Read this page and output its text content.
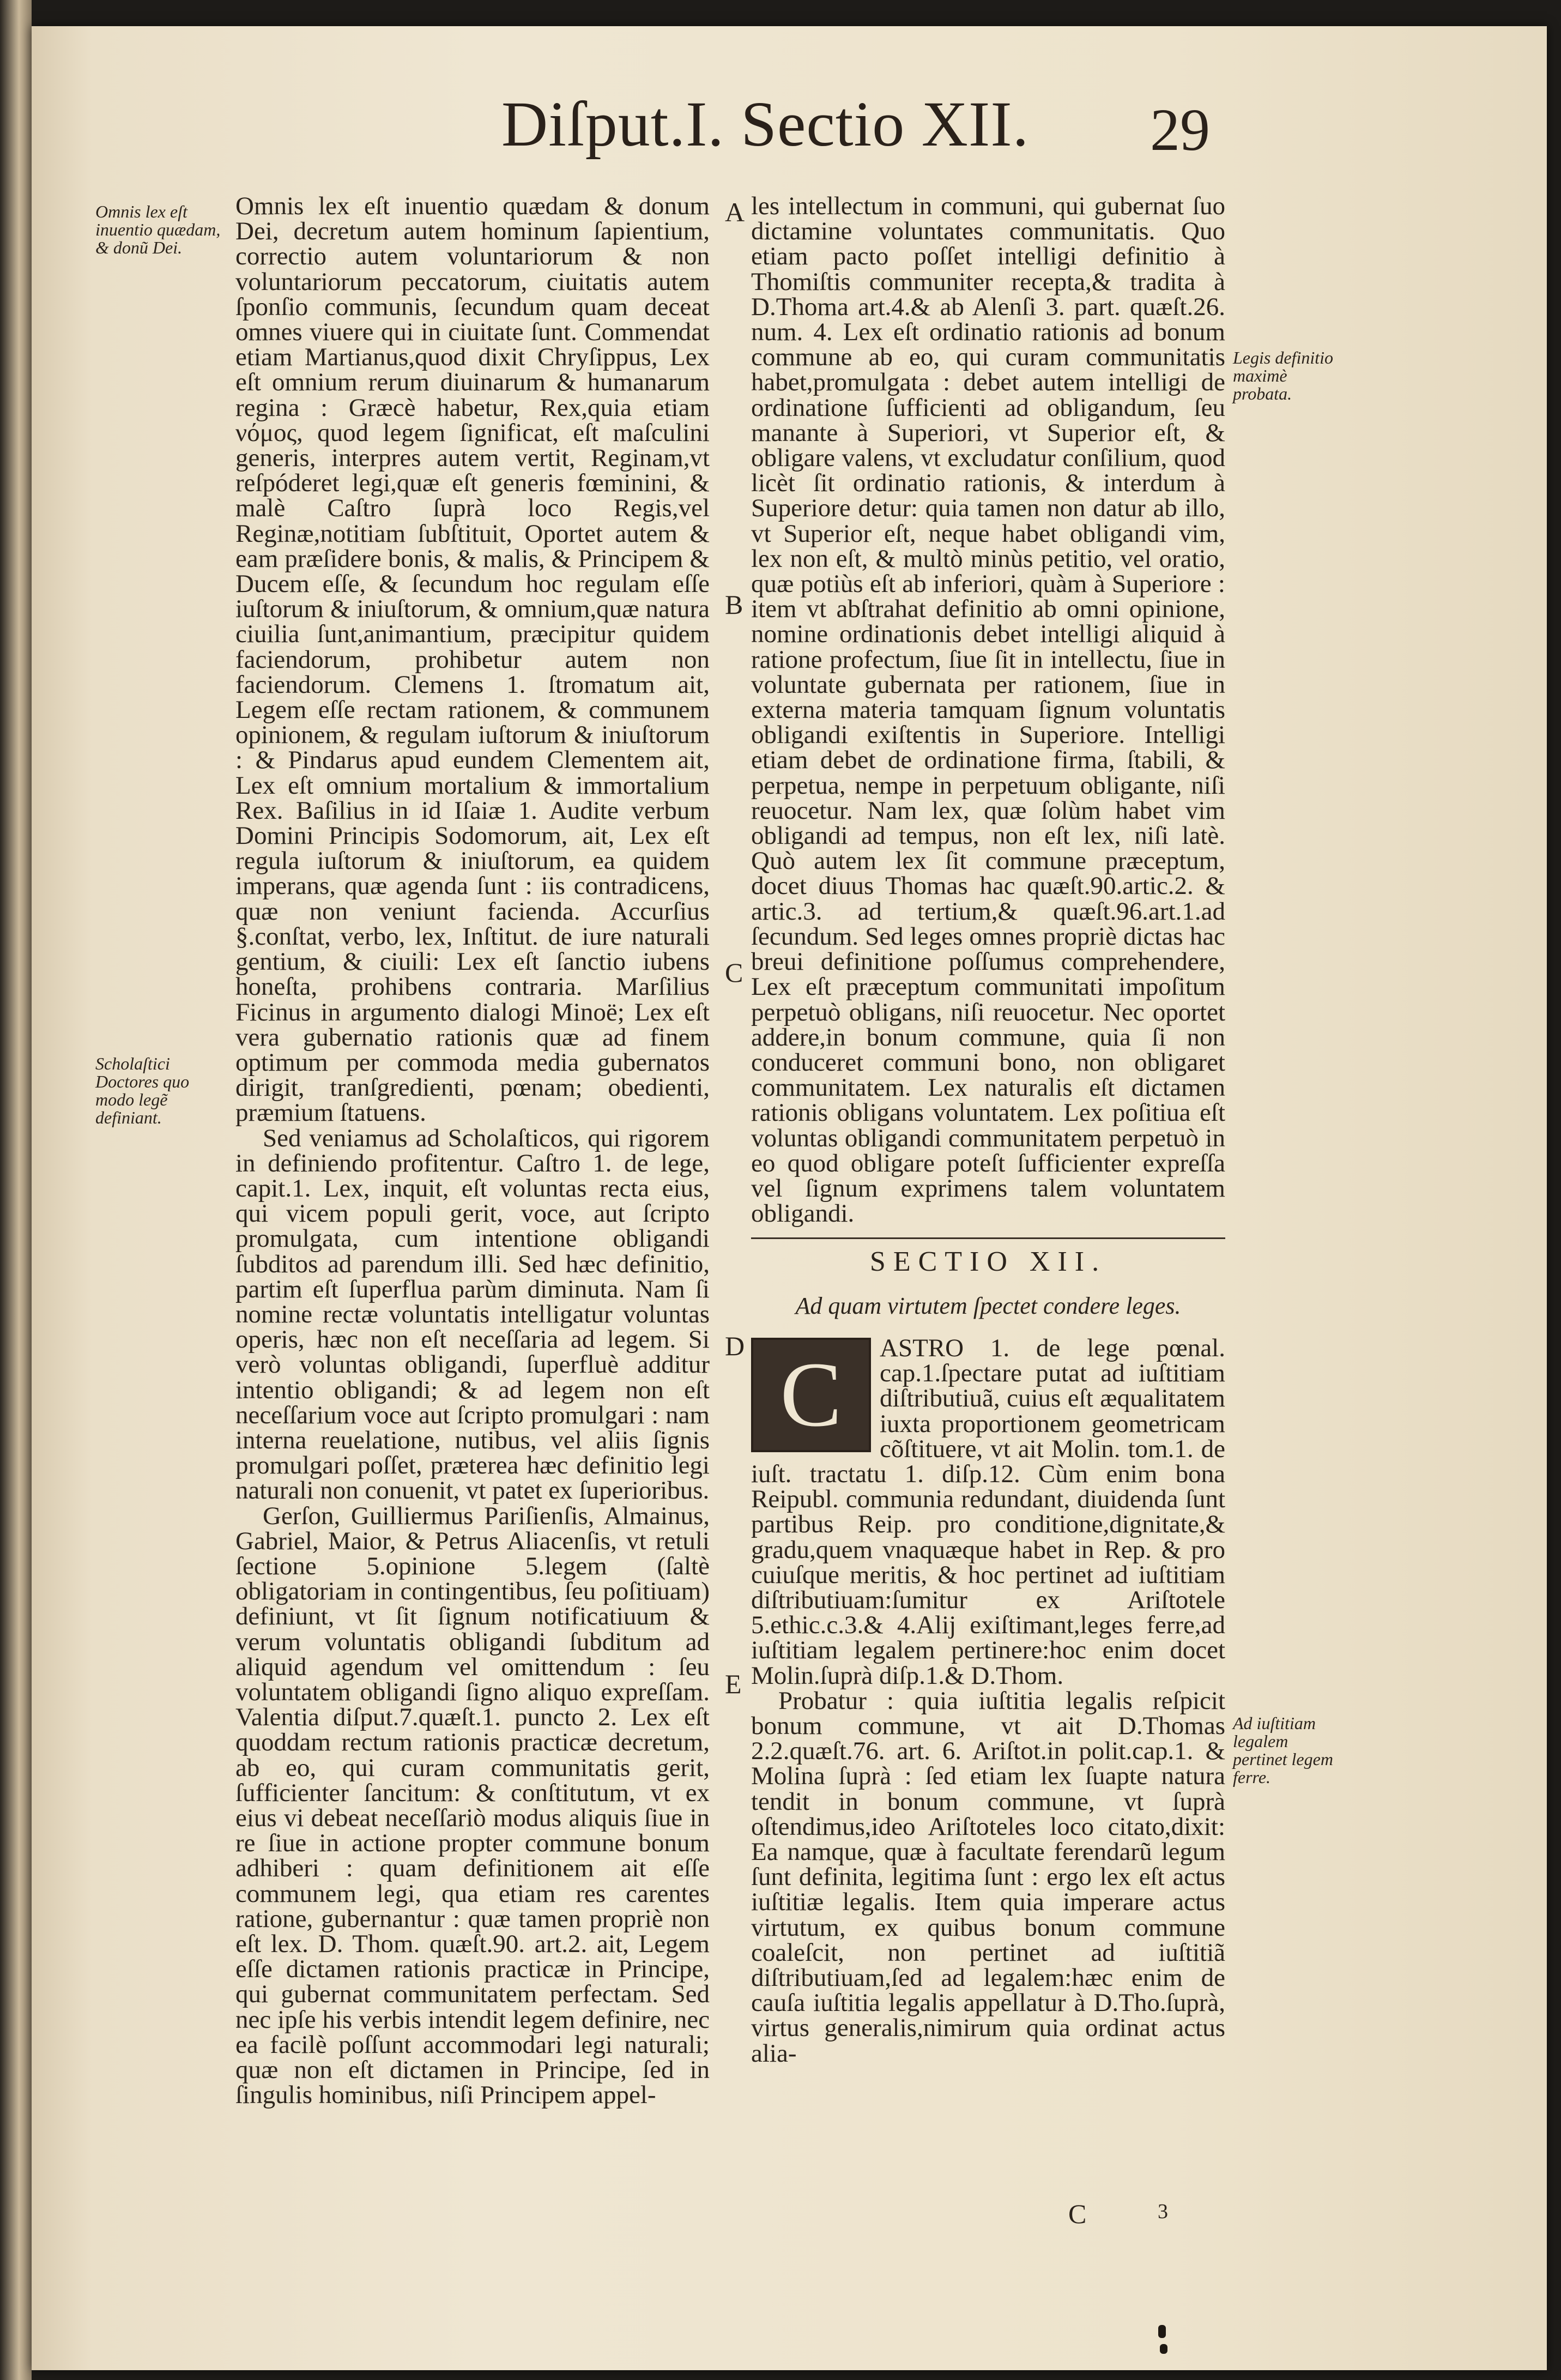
Diſput.I. Sectio XII. 29
Omnis lex eſt inuentio quædam, & donũ Dei.
Scholaſtici Doctores quo modo legẽ definiant.

Omnis lex eſt inuentio quædam & donum Dei, decretum autem hominum ſapientium, correctio autem voluntariorum & non voluntariorum peccatorum, ciuitatis autem ſponſio communis, ſecundum quam deceat omnes viuere qui in ciuitate ſunt. Commendat etiam Martianus,quod dixit Chryſippus, Lex eſt omnium rerum diuinarum & humanarum regina : Græcè habetur, Rex,quia etiam νόμος, quod legem ſignificat, eſt maſculini generis, interpres autem vertit, Reginam,vt reſpóderet legi,quæ eſt generis fœminini, & malè Caſtro ſuprà loco Regis,vel Reginæ,notitiam ſubſtituit, Oportet autem & eam præſidere bonis, & malis, & Principem & Ducem eſſe, & ſecundum hoc regulam eſſe iuſtorum & iniuſtorum, & omnium,quæ natura ciuilia ſunt,animantium, præcipitur quidem faciendorum, prohibetur autem non faciendorum. Clemens 1. ſtromatum ait, Legem eſſe rectam rationem, & communem opinionem, & regulam iuſtorum & iniuſtorum : & Pindarus apud eundem Clementem ait, Lex eſt omnium mortalium & immortalium Rex. Baſilius in id Iſaiæ 1. Audite verbum Domini Principis Sodomorum, ait, Lex eſt regula iuſtorum & iniuſtorum, ea quidem imperans, quæ agenda ſunt : iis contradicens, quæ non veniunt facienda. Accurſius §.conſtat, verbo, lex, Inſtitut. de iure naturali gentium, & ciuili: Lex eſt ſanctio iubens honeſta, prohibens contraria. Marſilius Ficinus in argumento dialogi Minoë; Lex eſt vera gubernatio rationis quæ ad finem optimum per commoda media gubernatos dirigit, tranſgredienti, pœnam; obedienti, præmium ſtatuens.

Sed veniamus ad Scholaſticos, qui rigorem in definiendo profitentur. Caſtro 1. de lege, capit.1. Lex, inquit, eſt voluntas recta eius, qui vicem populi gerit, voce, aut ſcripto promulgata, cum intentione obligandi ſubditos ad parendum illi. Sed hæc definitio, partim eſt ſuperflua parùm diminuta. Nam ſi nomine rectæ voluntatis intelligatur voluntas operis, hæc non eſt neceſſaria ad legem. Si verò voluntas obligandi, ſuperfluè additur intentio obligandi; & ad legem non eſt neceſſarium voce aut ſcripto promulgari : nam interna reuelatione, nutibus, vel aliis ſignis promulgari poſſet, præterea hæc definitio legi naturali non conuenit, vt patet ex ſuperioribus.

Gerſon, Guilliermus Pariſienſis, Almainus, Gabriel, Maior, & Petrus Aliacenſis, vt retuli ſectione 5.opinione 5.legem (ſaltè obligatoriam in contingentibus, ſeu poſitiuam) definiunt, vt ſit ſignum notificatiuum & verum voluntatis obligandi ſubditum ad aliquid agendum vel omittendum : ſeu voluntatem obligandi ſigno aliquo expreſſam. Valentia diſput.7.quæſt.1. puncto 2. Lex eſt quoddam rectum rationis practicæ decretum, ab eo, qui curam communitatis gerit, ſufficienter ſancitum: & conſtitutum, vt ex eius vi debeat neceſſariò modus aliquis ſiue in re ſiue in actione propter commune bonum adhiberi : quam definitionem ait eſſe communem legi, qua etiam res carentes ratione, gubernantur : quæ tamen propriè non eſt lex. D. Thom. quæſt.90. art.2. ait, Legem eſſe dictamen rationis practicæ in Principe, qui gubernat communitatem perfectam. Sed nec ipſe his verbis intendit legem definire, nec ea facilè poſſunt accommodari legi naturali; quæ non eſt dictamen in Principe, ſed in ſingulis hominibus, niſi Principem appel-

A
B
C
D
E

les intellectum in communi, qui gubernat ſuo dictamine voluntates communitatis. Quo etiam pacto poſſet intelligi definitio à Thomiſtis communiter recepta,& tradita à D.Thoma art.4.& ab Alenſi 3. part. quæſt.26. num. 4. Lex eſt ordinatio rationis ad bonum commune ab eo, qui curam communitatis habet,promulgata : debet autem intelligi de ordinatione ſufficienti ad obligandum, ſeu manante à Superiori, vt Superior eſt, & obligare valens, vt excludatur conſilium, quod licèt ſit ordinatio rationis, & interdum à Superiore detur: quia tamen non datur ab illo, vt Superior eſt, neque habet obligandi vim, lex non eſt, & multò minùs petitio, vel oratio, quæ potiùs eſt ab inferiori, quàm à Superiore : item vt abſtrahat definitio ab omni opinione, nomine ordinationis debet intelligi aliquid à ratione profectum, ſiue ſit in intellectu, ſiue in voluntate gubernata per rationem, ſiue in externa materia tamquam ſignum voluntatis obligandi exiſtentis in Superiore. Intelligi etiam debet de ordinatione firma, ſtabili, & perpetua, nempe in perpetuum obligante, niſi reuocetur. Nam lex, quæ ſolùm habet vim obligandi ad tempus, non eſt lex, niſi latè. Quò autem lex ſit commune præceptum, docet diuus Thomas hac quæſt.90.artic.2. & artic.3. ad tertium,& quæſt.96.art.1.ad ſecundum. Sed leges omnes propriè dictas hac breui definitione poſſumus comprehendere, Lex eſt præceptum communitati impoſitum perpetuò obligans, niſi reuocetur. Nec oportet addere,in bonum commune, quia ſi non conduceret communi bono, non obligaret communitatem. Lex naturalis eſt dictamen rationis obligans voluntatem. Lex poſitiua eſt voluntas obligandi communitatem perpetuò in eo quod obligare poteſt ſufficienter expreſſa vel ſignum exprimens talem voluntatem obligandi.

Legis definitio maximè probata.
Ad iuſtitiam legalem pertinet legem ferre.
SECTIO XII.
Ad quam virtutem ſpectet condere leges.
C	ASTRO 1. de lege pœnal. cap.1.ſpectare putat ad iuſtitiam diſtributiuã, cuius eſt æqualitatem iuxta proportionem geometricam cõſtituere, vt ait Molin. tom.1. de iuſt. tractatu 1. diſp.12. Cùm enim bona Reipubl. communia redundant, diuidenda ſunt partibus Reip. pro conditione,dignitate,& gradu,quem vnaquæque habet in Rep. & pro cuiuſque meritis, & hoc pertinet ad iuſtitiam diſtributiuam:ſumitur ex Ariſtotele 5.ethic.c.3.& 4.Alij exiſtimant,leges ferre,ad iuſtitiam legalem pertinere:hoc enim docet Molin.ſuprà diſp.1.& D.Thom.

Probatur : quia iuſtitia legalis reſpicit bonum commune, vt ait D.Thomas 2.2.quæſt.76. art. 6. Ariſtot.in polit.cap.1. & Molina ſuprà : ſed etiam lex ſuapte natura tendit in bonum commune, vt ſuprà oſtendimus,ideo Ariſtoteles loco citato,dixit: Ea namque, quæ à facultate ferendarũ legum ſunt definita, legitima ſunt : ergo lex eſt actus iuſtitiæ legalis. Item quia imperare actus virtutum, ex quibus bonum commune coaleſcit, non pertinet ad iuſtitiã diſtributiuam,ſed ad legalem:hæc enim de cauſa iuſtitia legalis appellatur à D.Tho.ſuprà, virtus generalis,nimirum quia ordinat actus alia-

C	3
